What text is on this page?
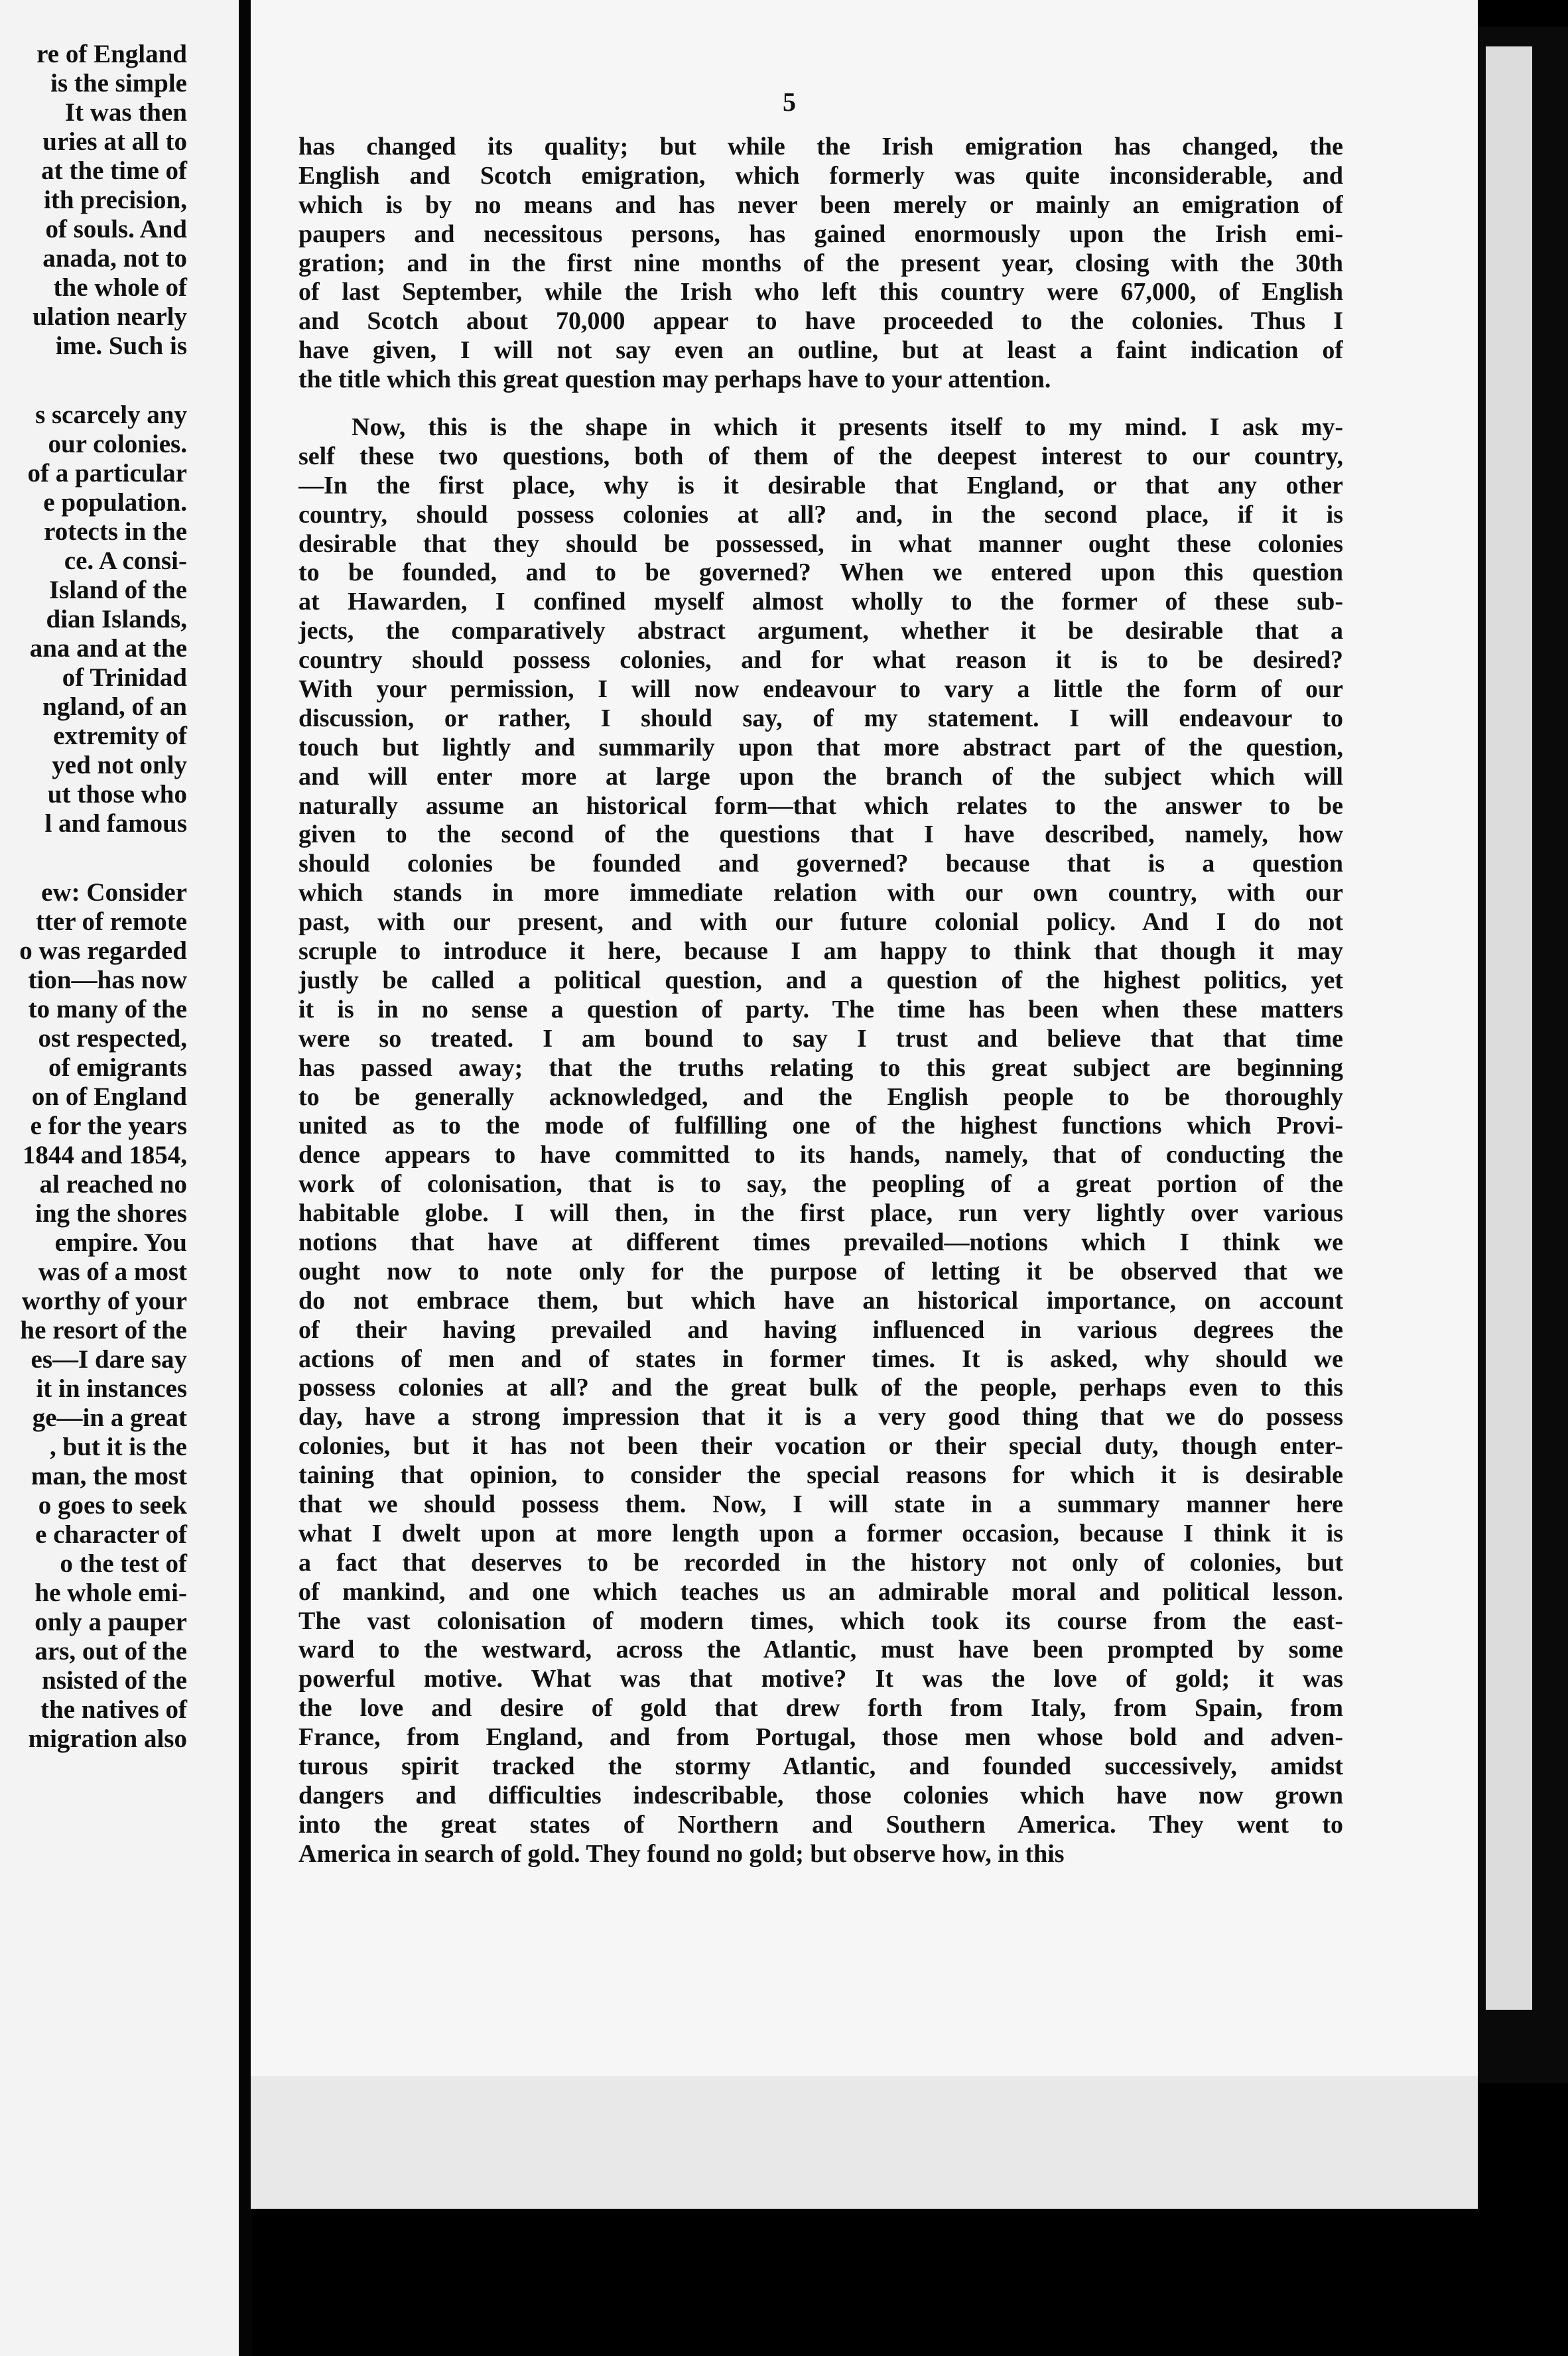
re of England
is the simple
It was then
uries at all to
at the time of
ith precision,
of souls. And
anada, not to
the whole of
ulation nearly
ime. Such is
s scarcely any
our colonies.
of a particular
e population.
rotects in the
ce. A consi-
Island of the
dian Islands,
ana and at the
of Trinidad
ngland, of an
extremity of
yed not only
ut those who
l and famous
ew: Consider
tter of remote
o was regarded
tion—has now
to many of the
ost respected,
of emigrants
on of England
e for the years
1844 and 1854,
al reached no
ing the shores
empire. You
was of a most
worthy of your
he resort of the
es—I dare say
it in instances
ge—in a great
, but it is the
man, the most
o goes to seek
e character of
o the test of
he whole emi-
only a pauper
ars, out of the
nsisted of the
the natives of
migration also
5
has changed its quality; but while the Irish emigration has changed, the
English and Scotch emigration, which formerly was quite inconsiderable, and
which is by no means and has never been merely or mainly an emigration of
paupers and necessitous persons, has gained enormously upon the Irish emi-
gration; and in the first nine months of the present year, closing with the 30th
of last September, while the Irish who left this country were 67,000, of English
and Scotch about 70,000 appear to have proceeded to the colonies. Thus I
have given, I will not say even an outline, but at least a faint indication of
the title which this great question may perhaps have to your attention.
Now, this is the shape in which it presents itself to my mind. I ask my-
self these two questions, both of them of the deepest interest to our country,
—In the first place, why is it desirable that England, or that any other
country, should possess colonies at all? and, in the second place, if it is
desirable that they should be possessed, in what manner ought these colonies
to be founded, and to be governed? When we entered upon this question
at Hawarden, I confined myself almost wholly to the former of these sub-
jects, the comparatively abstract argument, whether it be desirable that a
country should possess colonies, and for what reason it is to be desired?
With your permission, I will now endeavour to vary a little the form of our
discussion, or rather, I should say, of my statement. I will endeavour to
touch but lightly and summarily upon that more abstract part of the question,
and will enter more at large upon the branch of the subject which will
naturally assume an historical form—that which relates to the answer to be
given to the second of the questions that I have described, namely, how
should colonies be founded and governed? because that is a question
which stands in more immediate relation with our own country, with our
past, with our present, and with our future colonial policy. And I do not
scruple to introduce it here, because I am happy to think that though it may
justly be called a political question, and a question of the highest politics, yet
it is in no sense a question of party. The time has been when these matters
were so treated. I am bound to say I trust and believe that that time
has passed away; that the truths relating to this great subject are beginning
to be generally acknowledged, and the English people to be thoroughly
united as to the mode of fulfilling one of the highest functions which Provi-
dence appears to have committed to its hands, namely, that of conducting the
work of colonisation, that is to say, the peopling of a great portion of the
habitable globe. I will then, in the first place, run very lightly over various
notions that have at different times prevailed—notions which I think we
ought now to note only for the purpose of letting it be observed that we
do not embrace them, but which have an historical importance, on account
of their having prevailed and having influenced in various degrees the
actions of men and of states in former times. It is asked, why should we
possess colonies at all? and the great bulk of the people, perhaps even to this
day, have a strong impression that it is a very good thing that we do possess
colonies, but it has not been their vocation or their special duty, though enter-
taining that opinion, to consider the special reasons for which it is desirable
that we should possess them. Now, I will state in a summary manner here
what I dwelt upon at more length upon a former occasion, because I think it is
a fact that deserves to be recorded in the history not only of colonies, but
of mankind, and one which teaches us an admirable moral and political lesson.
The vast colonisation of modern times, which took its course from the east-
ward to the westward, across the Atlantic, must have been prompted by some
powerful motive. What was that motive? It was the love of gold; it was
the love and desire of gold that drew forth from Italy, from Spain, from
France, from England, and from Portugal, those men whose bold and adven-
turous spirit tracked the stormy Atlantic, and founded successively, amidst
dangers and difficulties indescribable, those colonies which have now grown
into the great states of Northern and Southern America. They went to
America in search of gold. They found no gold; but observe how, in this
